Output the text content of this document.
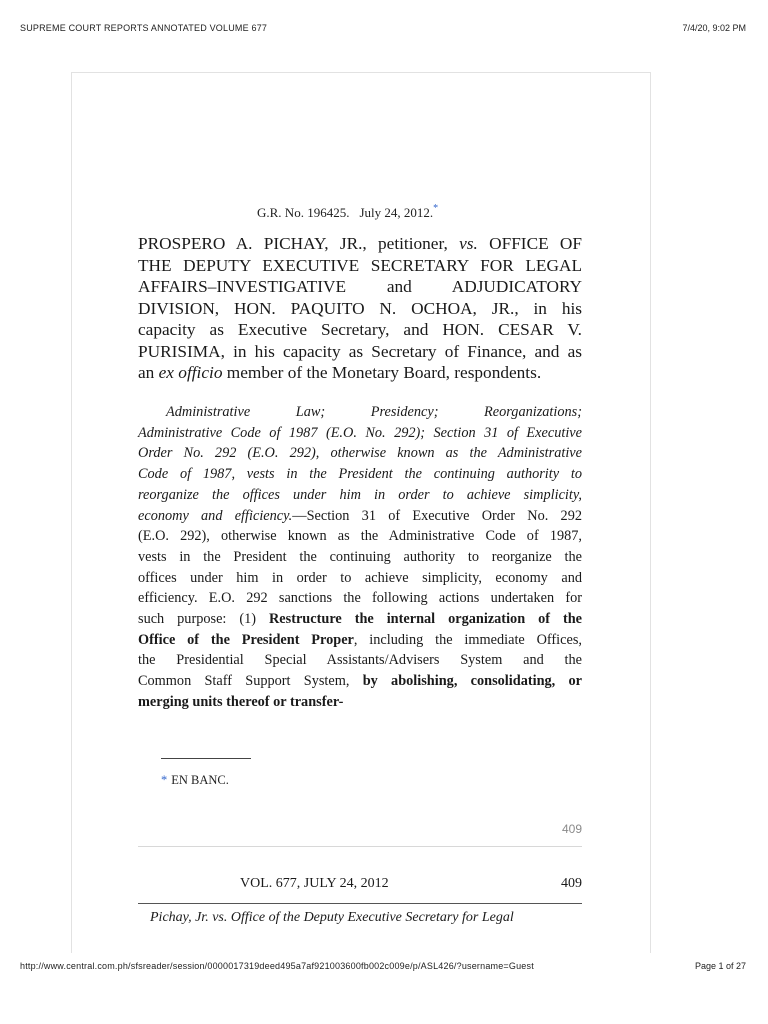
SUPREME COURT REPORTS ANNOTATED VOLUME 677	7/4/20, 9:02 PM
G.R. No. 196425. July 24, 2012.*
PROSPERO A. PICHAY, JR., petitioner, vs. OFFICE OF
THE DEPUTY EXECUTIVE SECRETARY FOR LEGAL
AFFAIRS–INVESTIGATIVE and ADJUDICATORY
DIVISION, HON. PAQUITO N. OCHOA, JR., in his
capacity as Executive Secretary, and HON. CESAR V.
PURISIMA, in his capacity as Secretary of Finance, and as
an ex officio member of the Monetary Board, respondents.
Administrative Law; Presidency; Reorganizations;
Administrative Code of 1987 (E.O. No. 292); Section 31 of Executive
Order No. 292 (E.O. 292), otherwise known as the Administrative
Code of 1987, vests in the President the continuing authority to
reorganize the offices under him in order to achieve simplicity,
economy and efficiency.—Section 31 of Executive Order No. 292
(E.O. 292), otherwise known as the Administrative Code of 1987,
vests in the President the continuing authority to reorganize the
offices under him in order to achieve simplicity, economy and
efficiency. E.O. 292 sanctions the following actions undertaken for
such purpose: (1) Restructure the internal organization of the
Office of the President Proper, including the immediate Offices,
the Presidential Special Assistants/Advisers System and the
Common Staff Support System, by abolishing, consolidating, or
merging units thereof or transfer-
* EN BANC.
409
VOL. 677, JULY 24, 2012	409
Pichay, Jr. vs. Office of the Deputy Executive Secretary for Legal
http://www.central.com.ph/sfsreader/session/0000017319deed495a7af921003600fb002c009e/p/ASL426/?username=Guest	Page 1 of 27
